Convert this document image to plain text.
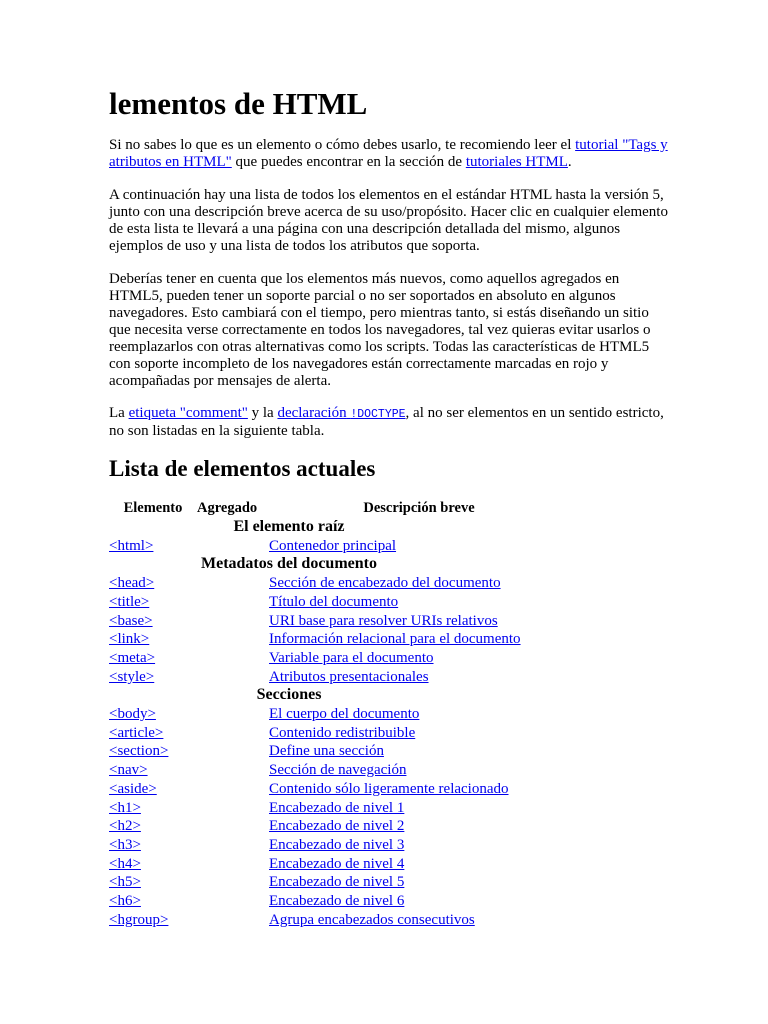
lementos de HTML

Si no sabes lo que es un elemento o cómo debes usarlo, te recomiendo leer el tutorial "Tags y atributos en HTML" que puedes encontrar en la sección de tutoriales HTML.

A continuación hay una lista de todos los elementos en el estándar HTML hasta la versión 5, junto con una descripción breve acerca de su uso/propósito. Hacer clic en cualquier elemento de esta lista te llevará a una página con una descripción detallada del mismo, algunos ejemplos de uso y una lista de todos los atributos que soporta.

Deberías tener en cuenta que los elementos más nuevos, como aquellos agregados en HTML5, pueden tener un soporte parcial o no ser soportados en absoluto en algunos navegadores. Esto cambiará con el tiempo, pero mientras tanto, si estás diseñando un sitio que necesita verse correctamente en todos los navegadores, tal vez quieras evitar usarlos o reemplazarlos con otras alternativas como los scripts. Todas las características de HTML5 con soporte incompleto de los navegadores están correctamente marcadas en rojo y acompañadas por mensajes de alerta.

La etiqueta "comment" y la declaración !DOCTYPE, al no ser elementos en un sentido estricto, no son listadas en la siguiente tabla.

Lista de elementos actuales
Elemento	Agregado	Descripción breve
El elemento raíz		
<html>		Contenedor principal
Metadatos del documento		
<head>		Sección de encabezado del documento
<title>		Título del documento
<base>		URI base para resolver URIs relativos
<link>		Información relacional para el documento
<meta>		Variable para el documento
<style>		Atributos presentacionales
Secciones		
<body>		El cuerpo del documento
<article>		Contenido redistribuible
<section>		Define una sección
<nav>		Sección de navegación
<aside>		Contenido sólo ligeramente relacionado
<h1>		Encabezado de nivel 1
<h2>		Encabezado de nivel 2
<h3>		Encabezado de nivel 3
<h4>		Encabezado de nivel 4
<h5>		Encabezado de nivel 5
<h6>		Encabezado de nivel 6
<hgroup>		Agrupa encabezados consecutivos
